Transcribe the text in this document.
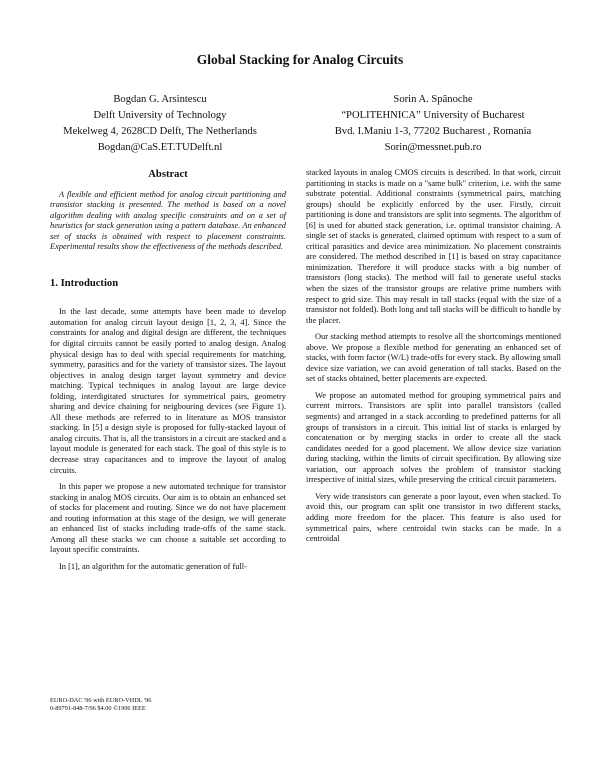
Global Stacking for Analog Circuits
Bogdan G. Arsintescu
Delft University of Technology
Mekelweg 4, 2628CD Delft, The Netherlands
Bogdan@CaS.ET.TUDelft.nl
Sorin A. Spânoche
“POLITEHNICA” University of Bucharest
Bvd. I.Maniu 1-3, 77202 Bucharest , Romania
Sorin@messnet.pub.ro
Abstract

A flexible and efficient method for analog circuit partitioning and transistor stacking is presented. The method is based on a novel algorithm dealing with analog specific constraints and on a set of heuristics for stack generation using a pattern database. An enhanced set of stacks is obtained with respect to placement constraints. Experimental results show the effectiveness of the methods described.

1. Introduction

In the last decade, some attempts have been made to develop automation for analog circuit layout design [1, 2, 3, 4]. Since the constraints for analog and digital design are different, the techniques for digital circuits cannot be easily ported to analog design. Analog physical design has to deal with special requirements for matching, symmetry, parasitics and for the variety of transistor sizes. The layout objectives in analog design target layout symmetry and device matching. Typical techniques in analog layout are large device folding, interdigitated structures for symmetrical pairs, geometry sharing and device chaining for neigbouring devices (see Figure 1). All these methods are referred to in literature as MOS transistor stacking. In [5] a design style is proposed for fully-stacked layout of analog circuits. That is, all the transistors in a circuit are stacked and a layout module is generated for each stack. The goal of this style is to decrease stray capacitances and to improve the layout of analog circuits.

In this paper we propose a new automated technique for transistor stacking in analog MOS circuits. Our aim is to obtain an enhanced set of stacks for placement and routing. Since we do not have placement and routing information at this stage of the design, we will generate an enhanced list of stacks including trade-offs of the same stack. Among all these stacks we can choose a suitable set according to layout specific constraints.

In [1], an algorithm for the automatic generation of full-

stacked layouts in analog CMOS circuits is described. In that work, circuit partitioning in stacks is made on a "same bulk" criterion, i.e. with the same substrate potential. Additional constraints (symmetrical pairs, matching groups) should be explicitly enforced by the user. Firstly, circuit partitioning is done and transistors are split into segments. The algorithm of [6] is used for abutted stack generation, i.e. optimal transistor chaining. A single set of stacks is generated, claimed optimum with respect to a sum of critical parasitics and device area minimization. No placement constraints are considered. The method described in [1] is based on stray capacitance minimization. Therefore it will produce stacks with a big number of transistors (long stacks). The method will fail to generate useful stacks when the sizes of the transistor groups are relative prime numbers with respect to grid size. This may result in tall stacks (equal with the size of a transistor not folded). Both long and tall stacks will be difficult to handle by the placer.

Our stacking method attempts to resolve all the shortcomings mentioned above. We propose a flexible method for generating an enhanced set of stacks, with form factor (W/L) trade-offs for every stack. By allowing small device size variation, we can avoid generation of tall stacks. Based on the set of stacks obtained, better placements are expected.

We propose an automated method for grouping symmetrical pairs and current mirrors. Transistors are split into parallel transistors (called segments) and arranged in a stack according to predefined patterns for all groups of transistors in a circuit. This initial list of stacks is enlarged by concatenation or by merging stacks in order to create all the stack candidates needed for a good placement. We allow device size variation during stacking, within the limits of circuit specification. By allowing size variation, our approach solves the problem of transistor stacking irrespective of initial sizes, while preserving the critical circuit parameters.

Very wide transistors can generate a poor layout, even when stacked. To avoid this, our program can split one transistor in two different stacks, adding more freedom for the placer. This feature is also used for symmetrical pairs, where centroidal twin stacks can be made. In a centroidal

EURO-DAC '96 with EURO-VHDL '96
0-89791-848-7/96 $4.00 ©1996 IEEE
